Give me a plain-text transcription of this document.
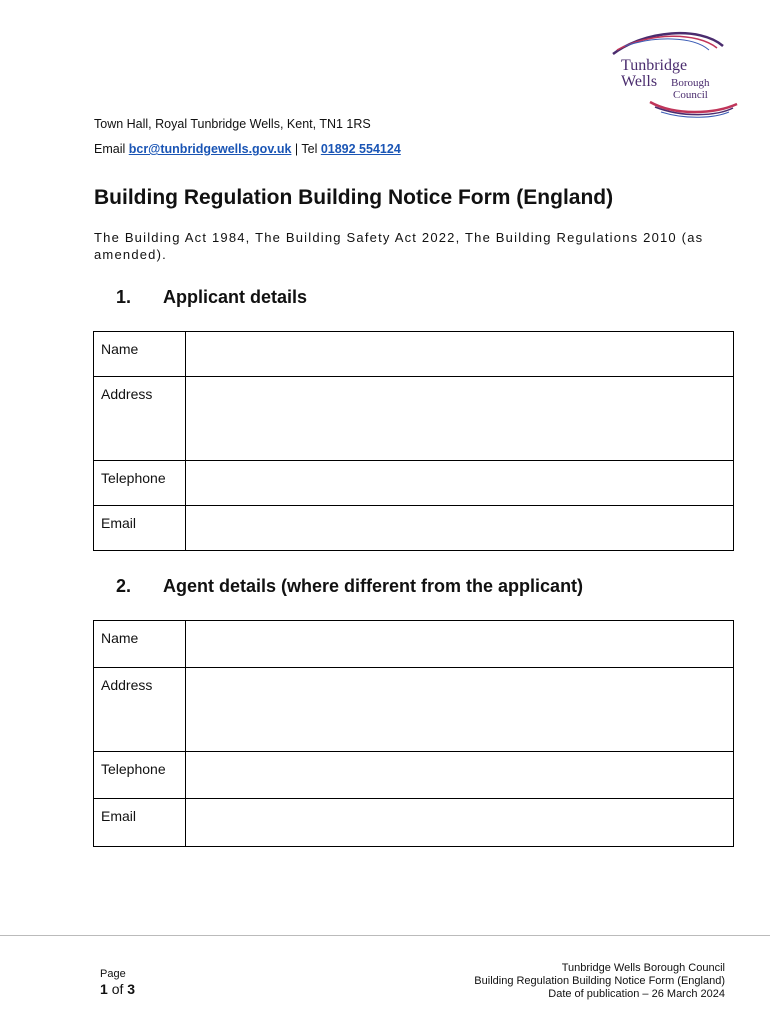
Tunbridge
Wells Borough
Council
Town Hall, Royal Tunbridge Wells, Kent, TN1 1RS
Email bcr@tunbridgewells.gov.uk | Tel 01892 554124
Building Regulation Building Notice Form (England)

The Building Act 1984, The Building Safety Act 2022, The Building Regulations 2010 (as amended).

1. Applicant details
Name	
Address	
Telephone	
Email	
2. Agent details (where different from the applicant)
Name	
Address	
Telephone	
Email	
Page
1 of 3
Tunbridge Wells Borough Council
Building Regulation Building Notice Form (England)
Date of publication – 26 March 2024
